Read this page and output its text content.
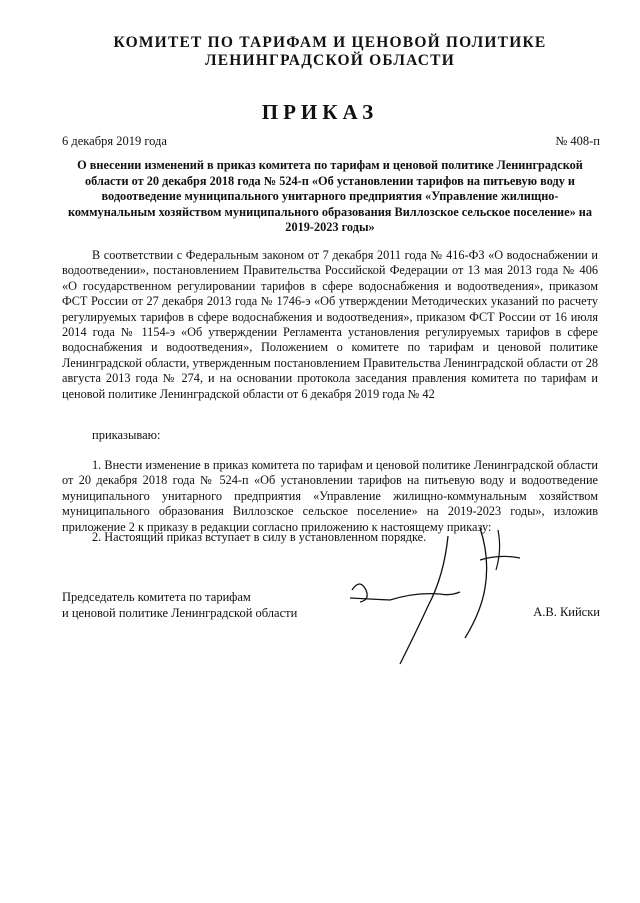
КОМИТЕТ ПО ТАРИФАМ И ЦЕНОВОЙ ПОЛИТИКЕ
ЛЕНИНГРАДСКОЙ ОБЛАСТИ
ПРИКАЗ
6 декабря 2019 года	№ 408-п
О внесении изменений в приказ комитета по тарифам и ценовой политике Ленинградской области от 20 декабря 2018 года № 524-п «Об установлении тарифов на питьевую воду и водоотведение муниципального унитарного предприятия «Управление жилищно-коммунальным хозяйством муниципального образования Виллозское сельское поселение» на 2019-2023 годы»
В соответствии с Федеральным законом от 7 декабря 2011 года № 416-ФЗ «О водоснабжении и водоотведении», постановлением Правительства Российской Федерации от 13 мая 2013 года № 406 «О государственном регулировании тарифов в сфере водоснабжения и водоотведения», приказом ФСТ России от 27 декабря 2013 года № 1746-э «Об утверждении Методических указаний по расчету регулируемых тарифов в сфере водоснабжения и водоотведения», приказом ФСТ России от 16 июля 2014 года № 1154-э «Об утверждении Регламента установления регулируемых тарифов в сфере водоснабжения и водоотведения», Положением о комитете по тарифам и ценовой политике Ленинградской области, утвержденным постановлением Правительства Ленинградской области от 28 августа 2013 года № 274, и на основании протокола заседания правления комитета по тарифам и ценовой политике Ленинградской области от 6 декабря 2019 года № 42
приказываю:
1. Внести изменение в приказ комитета по тарифам и ценовой политике Ленинградской области от 20 декабря 2018 года № 524-п «Об установлении тарифов на питьевую воду и водоотведение муниципального унитарного предприятия «Управление жилищно-коммунальным хозяйством муниципального образования Виллозское сельское поселение» на 2019-2023 годы», изложив приложение 2 к приказу в редакции согласно приложению к настоящему приказу:
2. Настоящий приказ вступает в силу в установленном порядке.
Председатель комитета по тарифам
и ценовой политике Ленинградской области	А.В. Кийски
